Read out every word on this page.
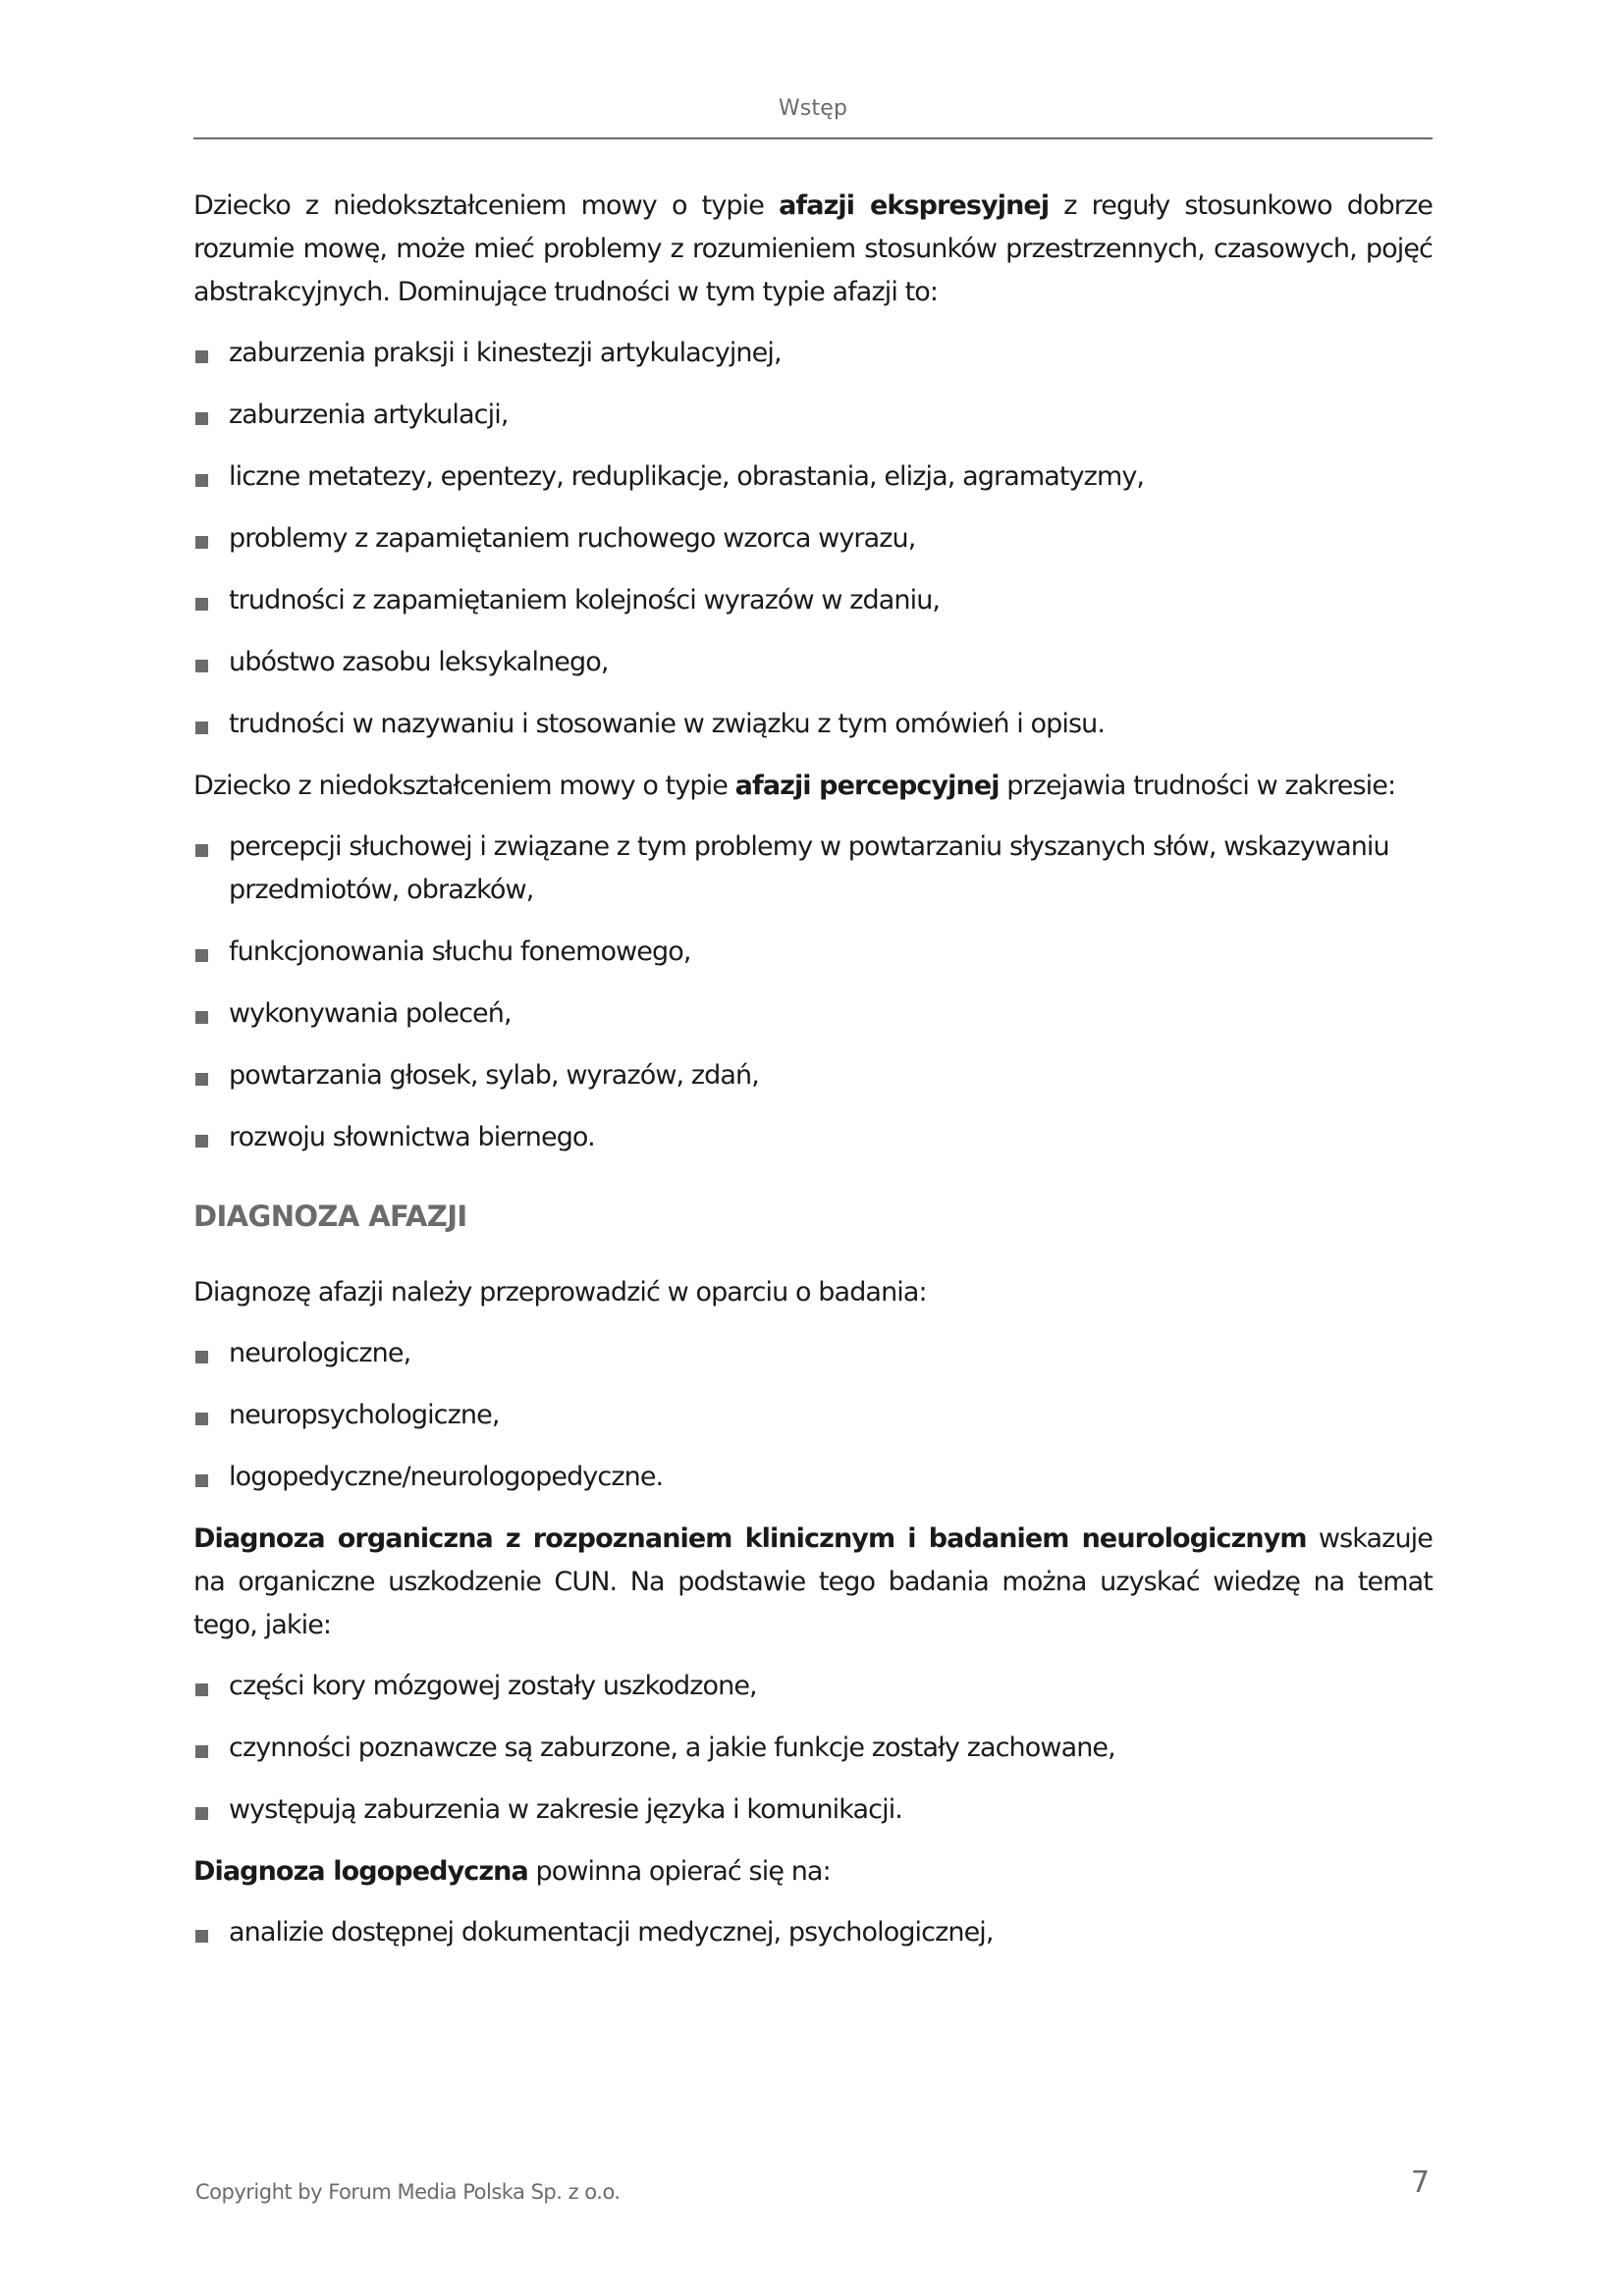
Wstęp

Dziecko z niedokształceniem mowy o typie afazji ekspresyjnej z reguły stosunkowo dobrze rozumie mowę, może mieć problemy z rozumieniem stosunków przestrzennych, czasowych, pojęć abstrakcyjnych. Dominujące trudności w tym typie afazji to:

zaburzenia praksji i kinestezji artykulacyjnej,
zaburzenia artykulacji,
liczne metatezy, epentezy, reduplikacje, obrastania, elizja, agramatyzmy,
problemy z zapamiętaniem ruchowego wzorca wyrazu,
trudności z zapamiętaniem kolejności wyrazów w zdaniu,
ubóstwo zasobu leksykalnego,
trudności w nazywaniu i stosowanie w związku z tym omówień i opisu.

Dziecko z niedokształceniem mowy o typie afazji percepcyjnej przejawia trudności w zakresie:

percepcji słuchowej i związane z tym problemy w powtarzaniu słyszanych słów, wskazywaniu przedmiotów, obrazków,
funkcjonowania słuchu fonemowego,
wykonywania poleceń,
powtarzania głosek, sylab, wyrazów, zdań,
rozwoju słownictwa biernego.
DIAGNOZA AFAZJI

Diagnozę afazji należy przeprowadzić w oparciu o badania:

neurologiczne,
neuropsychologiczne,
logopedyczne/neurologopedyczne.

Diagnoza organiczna z rozpoznaniem klinicznym i badaniem neurologicznym wskazuje na organiczne uszkodzenie CUN. Na podstawie tego badania można uzyskać wiedzę na temat tego, jakie:

części kory mózgowej zostały uszkodzone,
czynności poznawcze są zaburzone, a jakie funkcje zostały zachowane,
występują zaburzenia w zakresie języka i komunikacji.

Diagnoza logopedyczna powinna opierać się na:

analizie dostępnej dokumentacji medycznej, psychologicznej,
Copyright by Forum Media Polska Sp. z o.o.	7
